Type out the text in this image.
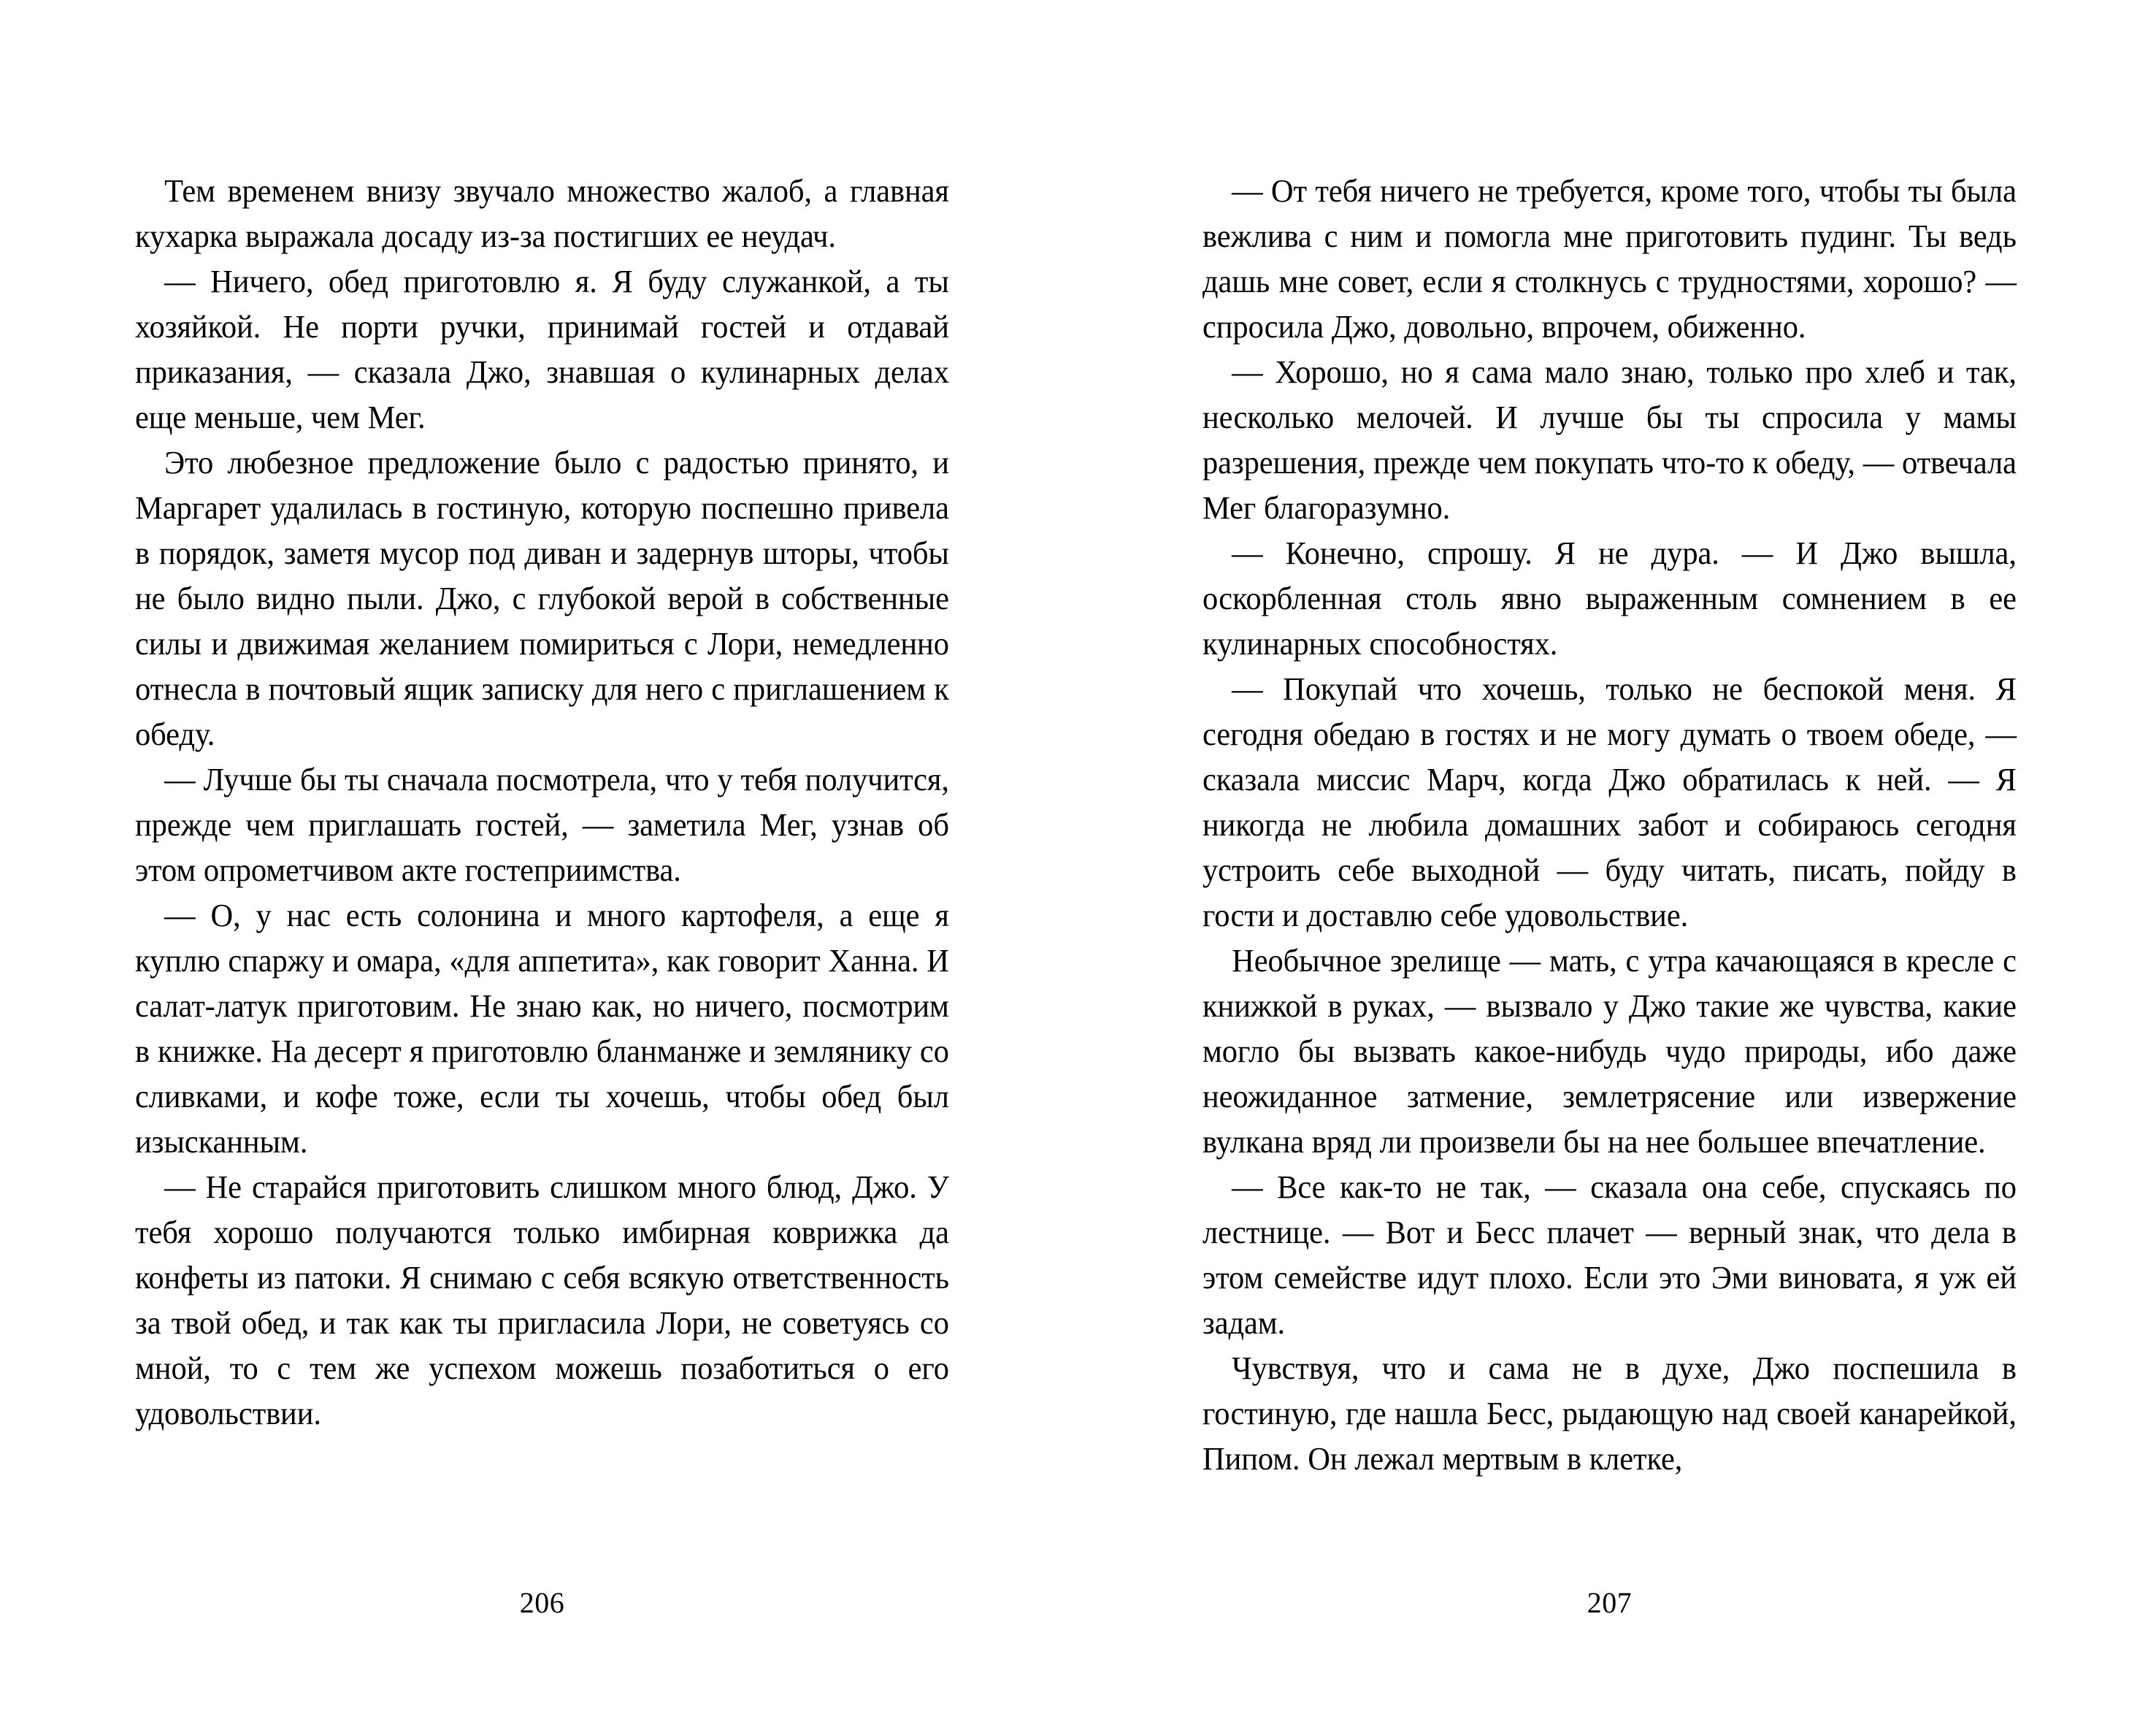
Тем временем внизу звучало множество жалоб, а главная кухарка выражала досаду из-за постигших ее неудач.

— Ничего, обед приготовлю я. Я буду служанкой, а ты хозяйкой. Не порти ручки, принимай гостей и отдавай приказания, — сказала Джо, знавшая о кулинарных делах еще меньше, чем Мег.

Это любезное предложение было с радостью принято, и Маргарет удалилась в гостиную, которую поспешно привела в порядок, заметя мусор под диван и задернув шторы, чтобы не было видно пыли. Джо, с глубокой верой в собственные силы и движимая желанием помириться с Лори, немедленно отнесла в почтовый ящик записку для него с приглашением к обеду.

— Лучше бы ты сначала посмотрела, что у тебя получится, прежде чем приглашать гостей, — заметила Мег, узнав об этом опрометчивом акте гостеприимства.

— О, у нас есть солонина и много картофеля, а еще я куплю спаржу и омара, «для аппетита», как говорит Ханна. И салат-латук приготовим. Не знаю как, но ничего, посмотрим в книжке. На десерт я приготовлю бланманже и землянику со сливками, и кофе тоже, если ты хочешь, чтобы обед был изысканным.

— Не старайся приготовить слишком много блюд, Джо. У тебя хорошо получаются только имбирная коврижка да конфеты из патоки. Я снимаю с себя всякую ответственность за твой обед, и так как ты пригласила Лори, не советуясь со мной, то с тем же успехом можешь позаботиться о его удовольствии.

206

— От тебя ничего не требуется, кроме того, чтобы ты была вежлива с ним и помогла мне приготовить пудинг. Ты ведь дашь мне совет, если я столкнусь с трудностями, хорошо? — спросила Джо, довольно, впрочем, обиженно.

— Хорошо, но я сама мало знаю, только про хлеб и так, несколько мелочей. И лучше бы ты спросила у мамы разрешения, прежде чем покупать что-то к обеду, — отвечала Мег благоразумно.

— Конечно, спрошу. Я не дура. — И Джо вышла, оскорбленная столь явно выраженным сомнением в ее кулинарных способностях.

— Покупай что хочешь, только не беспокой меня. Я сегодня обедаю в гостях и не могу думать о твоем обеде, — сказала миссис Марч, когда Джо обратилась к ней. — Я никогда не любила домашних забот и собираюсь сегодня устроить себе выходной — буду читать, писать, пойду в гости и доставлю себе удовольствие.

Необычное зрелище — мать, с утра качающаяся в кресле с книжкой в руках, — вызвало у Джо такие же чувства, какие могло бы вызвать какое-нибудь чудо природы, ибо даже неожиданное затмение, землетрясение или извержение вулкана вряд ли произвели бы на нее большее впечатление.

— Все как-то не так, — сказала она себе, спускаясь по лестнице. — Вот и Бесс плачет — верный знак, что дела в этом семействе идут плохо. Если это Эми виновата, я уж ей задам.

Чувствуя, что и сама не в духе, Джо поспешила в гостиную, где нашла Бесс, рыдающую над своей канарейкой, Пипом. Он лежал мертвым в клетке,

207
